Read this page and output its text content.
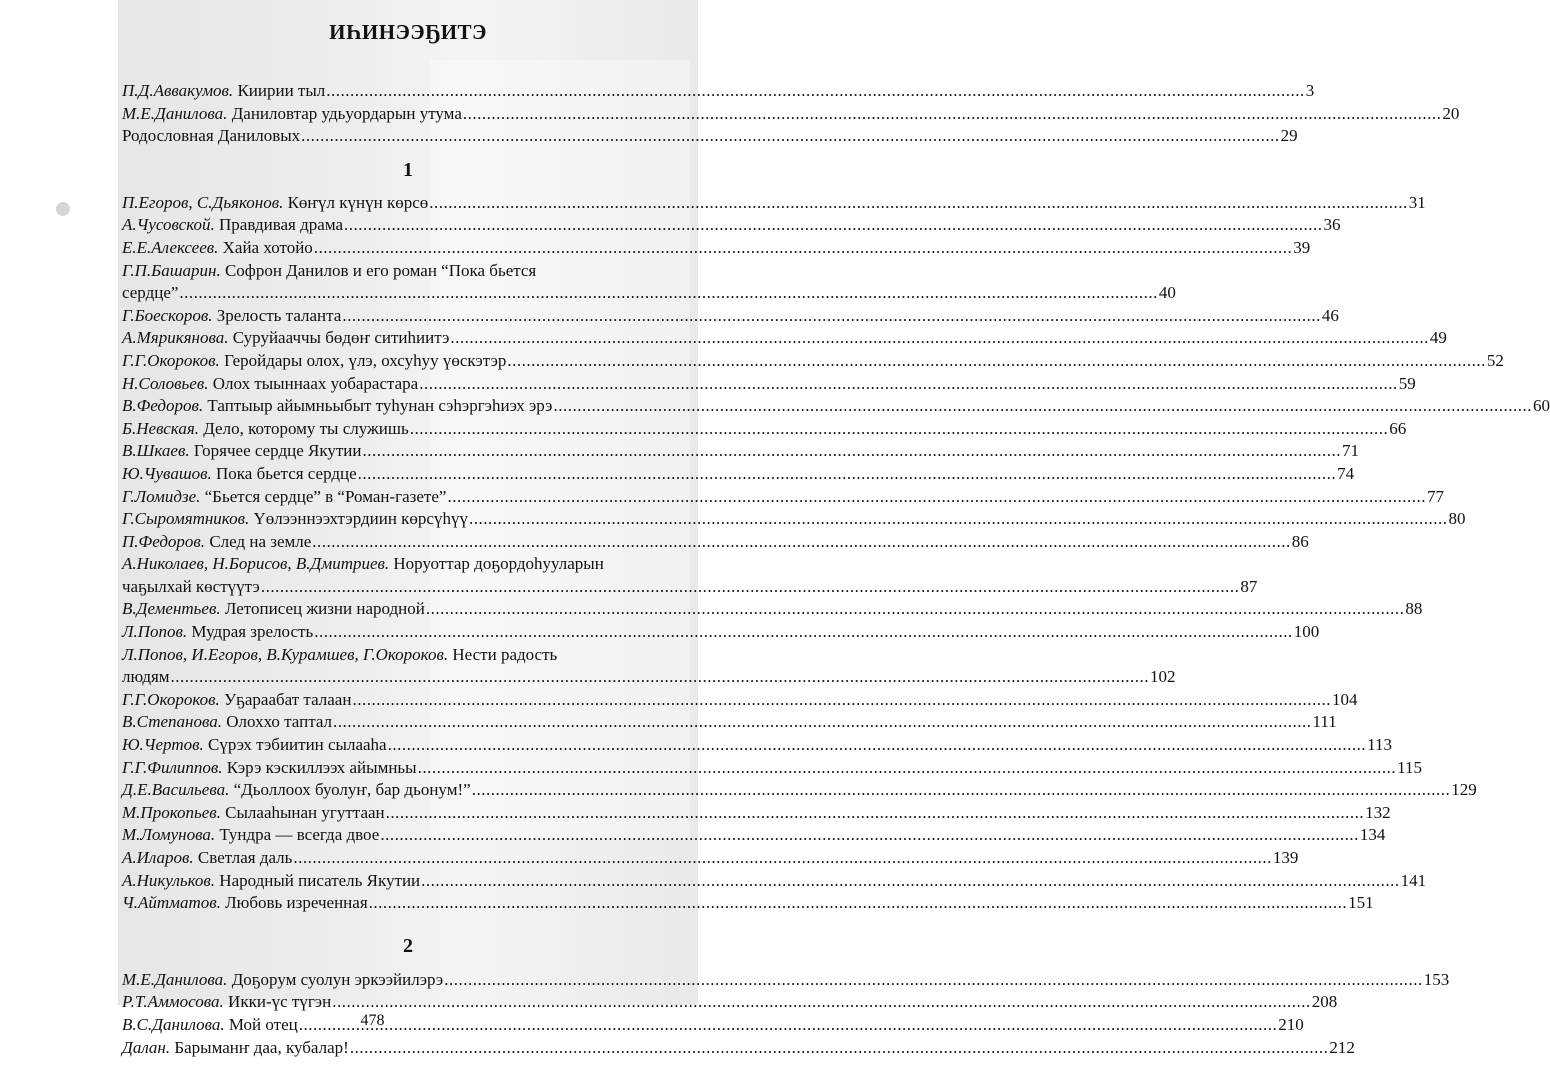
ИҺИНЭЭҔИТЭ
П.Д.Аввакумов. Киирии тыл .....	3
М.Е.Данилова. Даниловтар удьуордарын утума .....	20
Родословная Даниловых .....	29
1
П.Егоров, С.Дьяконов. Көҥүл күнүн көрсө .....	31
А.Чусовской. Правдивая драма .....	36
Е.Е.Алексеев. Хайа хотойо .....	39
Г.П.Башарин. Софрон Данилов и его роман “Пока бьется
сердце” .....	40
Г.Боескоров. Зрелость таланта .....	46
А.Мярикянова. Суруйааччы бөдөҥ ситиһиитэ .....	49
Г.Г.Окороков. Геройдары олох, үлэ, охсуһуу үөскэтэр .....	52
Н.Соловьев. Олох тыыннаах уобарастара .....	59
В.Федоров. Таптыыр айымньыбыт туһунан сэһэргэһиэх эрэ .....	60
Б.Невская. Дело, которому ты служишь .....	66
В.Шкаев. Горячее сердце Якутии .....	71
Ю.Чувашов. Пока бьется сердце .....	74
Г.Ломидзе. “Бьется сердце” в “Роман-газете” .....	77
Г.Сыромятников. Үөлээннээхтэрдиин көрсүһүү .....	80
П.Федоров. След на земле .....	86
А.Николаев, Н.Борисов, В.Дмитриев. Норуоттар доҕордоһууларын
чаҕылхай көстүүтэ .....	87
В.Дементьев. Летописец жизни народной .....	88
Л.Попов. Мудрая зрелость .....	100
Л.Попов, И.Егоров, В.Курамшев, Г.Окороков. Нести радость
людям .....	102
Г.Г.Окороков. Уҕараабат талаан .....	104
В.Степанова. Олоххо таптал .....	111
Ю.Чертов. Сүрэх тэбиитин сылааһа .....	113
Г.Г.Филиппов. Кэрэ кэскиллээх айымньы .....	115
Д.Е.Васильева. “Дьоллоох буолуҥ, бар дьонум!” .....	129
М.Прокопьев. Сылааһынан угуттаан .....	132
М.Ломунова. Тундра — всегда двое .....	134
А.Иларов. Светлая даль .....	139
А.Никульков. Народный писатель Якутии .....	141
Ч.Айтматов. Любовь изреченная .....	151
2
М.Е.Данилова. Доҕорум суолун эркээйилэрэ .....	153
Р.Т.Аммосова. Икки-үс түгэн .....	208
В.С.Данилова. Мой отец .....	210
Далан. Барыманҥ даа, кубалар! .....	212
478
